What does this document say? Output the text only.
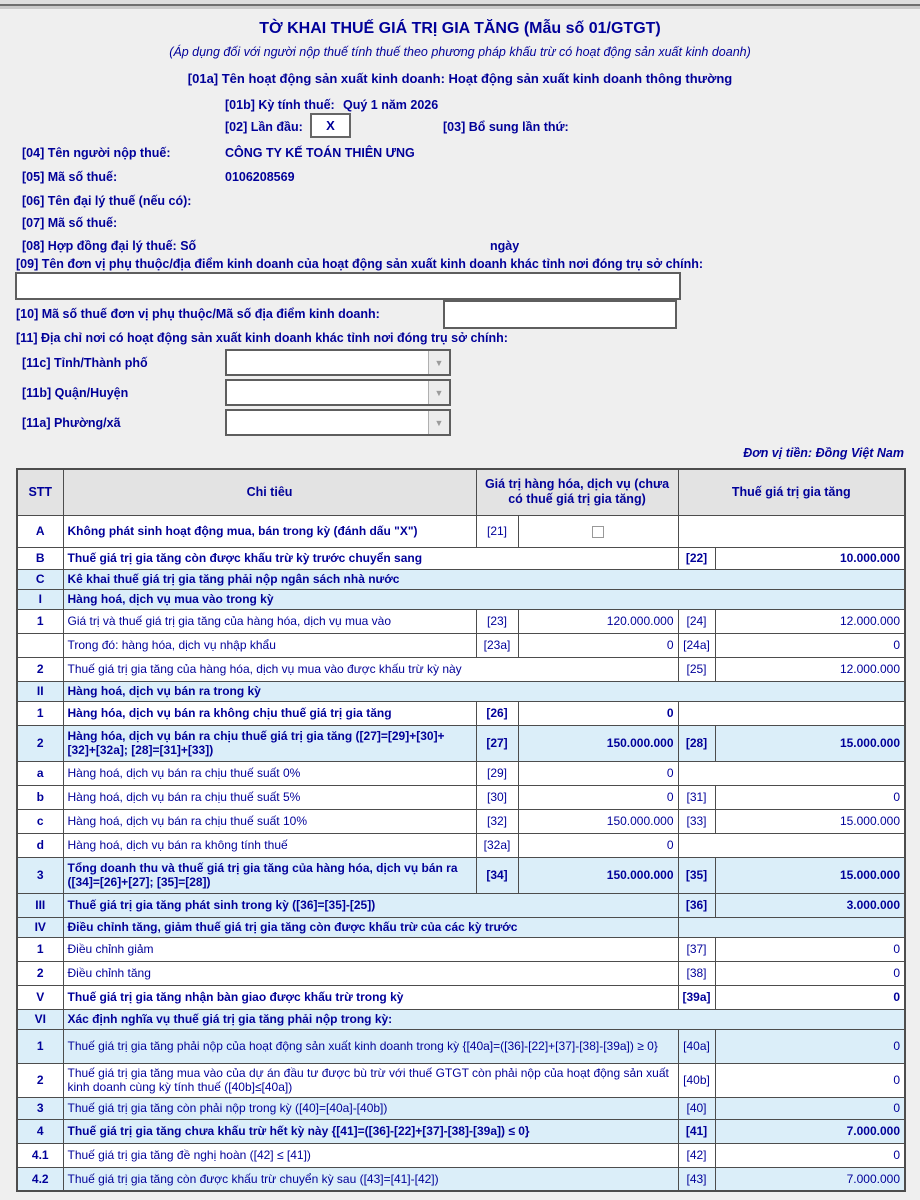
TỜ KHAI THUẾ GIÁ TRỊ GIA TĂNG (Mẫu số 01/GTGT)
(Áp dụng đối với người nộp thuế tính thuế theo phương pháp khấu trừ có hoạt động sản xuất kinh doanh)
[01a] Tên hoạt động sản xuất kinh doanh: Hoạt động sản xuất kinh doanh thông thường
[01b] Kỳ tính thuế: Quý 1 năm 2026
[02] Lần đầu:	X	[03] Bổ sung lần thứ:
[04] Tên người nộp thuế:	CÔNG TY KẾ TOÁN THIÊN ƯNG
[05] Mã số thuế:	0106208569
[06] Tên đại lý thuế (nếu có):
[07] Mã số thuế:
[08] Hợp đồng đại lý thuế: Số	ngày
[09] Tên đơn vị phụ thuộc/địa điểm kinh doanh của hoạt động sản xuất kinh doanh khác tỉnh nơi đóng trụ sở chính:
[10] Mã số thuế đơn vị phụ thuộc/Mã số địa điểm kinh doanh:
[11] Địa chỉ nơi có hoạt động sản xuất kinh doanh khác tỉnh nơi đóng trụ sở chính:
[11c] Tỉnh/Thành phố	▼
[11b] Quận/Huyện	▼
[11a] Phường/xã	▼
Đơn vị tiền: Đồng Việt Nam
STT	Chi tiêu	Giá trị hàng hóa, dịch vụ (chưa có thuế giá trị gia tăng)		Thuế giá trị gia tăng	
A	Không phát sinh hoạt động mua, bán trong kỳ (đánh dấu "X")	[21]			
B	Thuế giá trị gia tăng còn được khấu trừ kỳ trước chuyển sang			[22]	10.000.000
C	Kê khai thuế giá trị gia tăng phải nộp ngân sách nhà nước				
I	Hàng hoá, dịch vụ mua vào trong kỳ				
1	Giá trị và thuế giá trị gia tăng của hàng hóa, dịch vụ mua vào	[23]	120.000.000	[24]	12.000.000
	Trong đó: hàng hóa, dịch vụ nhập khẩu	[23a]	0	[24a]	0
2	Thuế giá trị gia tăng của hàng hóa, dịch vụ mua vào được khấu trừ kỳ này			[25]	12.000.000
II	Hàng hoá, dịch vụ bán ra trong kỳ				
1	Hàng hóa, dịch vụ bán ra không chịu thuế giá trị gia tăng	[26]	0		
2	Hàng hóa, dịch vụ bán ra chịu thuế giá trị gia tăng ([27]=[29]+[30]+[32]+[32a]; [28]=[31]+[33])	[27]	150.000.000	[28]	15.000.000
a	Hàng hoá, dịch vụ bán ra chịu thuế suất 0%	[29]	0		
b	Hàng hoá, dịch vụ bán ra chịu thuế suất 5%	[30]	0	[31]	0
c	Hàng hoá, dịch vụ bán ra chịu thuế suất 10%	[32]	150.000.000	[33]	15.000.000
d	Hàng hoá, dịch vụ bán ra không tính thuế	[32a]	0		
3	Tổng doanh thu và thuế giá trị gia tăng của hàng hóa, dịch vụ bán ra ([34]=[26]+[27]; [35]=[28])	[34]	150.000.000	[35]	15.000.000
III	Thuế giá trị gia tăng phát sinh trong kỳ ([36]=[35]-[25])			[36]	3.000.000
IV	Điều chỉnh tăng, giảm thuế giá trị gia tăng còn được khấu trừ của các kỳ trước				
1	Điều chỉnh giảm			[37]	0
2	Điều chỉnh tăng			[38]	0
V	Thuế giá trị gia tăng nhận bàn giao được khấu trừ trong kỳ			[39a]	0
VI	Xác định nghĩa vụ thuế giá trị gia tăng phải nộp trong kỳ:				
1	Thuế giá trị gia tăng phải nộp của hoạt động sản xuất kinh doanh trong kỳ {[40a]=([36]-[22]+[37]-[38]-[39a]) ≥ 0}			[40a]	0
2	Thuế giá trị gia tăng mua vào của dự án đầu tư được bù trừ với thuế GTGT còn phải nộp của hoạt động sản xuất kinh doanh cùng kỳ tính thuế ([40b]≤[40a])			[40b]	0
3	Thuế giá trị gia tăng còn phải nộp trong kỳ ([40]=[40a]-[40b])			[40]	0
4	Thuế giá trị gia tăng chưa khấu trừ hết kỳ này {[41]=([36]-[22]+[37]-[38]-[39a]) ≤ 0}			[41]	7.000.000
4.1	Thuế giá trị gia tăng đề nghị hoàn ([42] ≤ [41])			[42]	0
4.2	Thuế giá trị gia tăng còn được khấu trừ chuyển kỳ sau ([43]=[41]-[42])			[43]	7.000.000
